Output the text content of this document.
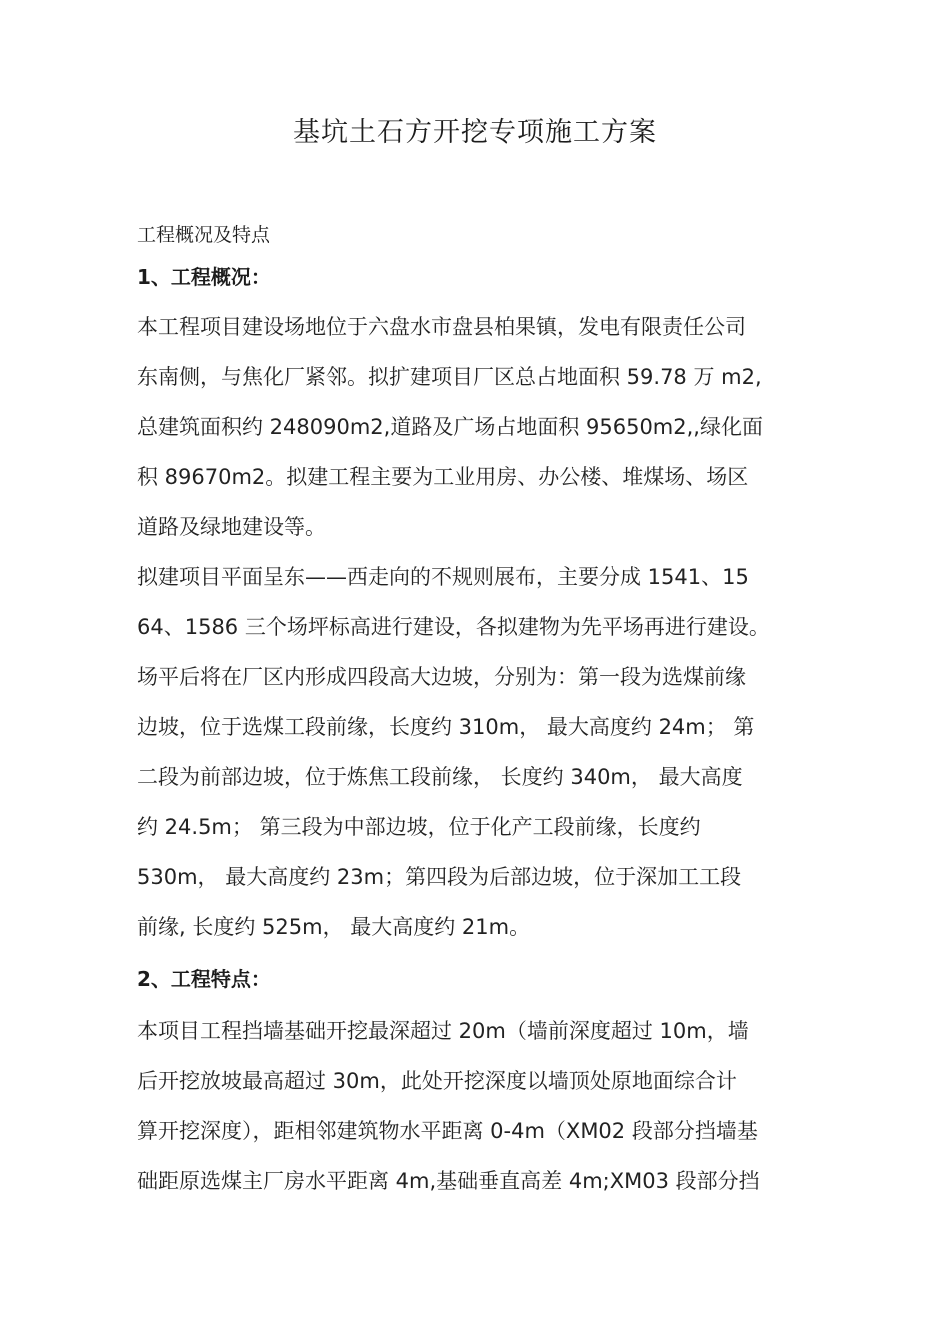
基坑土石方开挖专项施工方案
工程概况及特点
1、工程概况：
本工程项目建设场地位于六盘水市盘县柏果镇，发电有限责任公司
东南侧，与焦化厂紧邻。拟扩建项目厂区总占地面积 59.78 万 m2,
总建筑面积约 248090m2,道路及广场占地面积 95650m2,,绿化面
积 89670m2。拟建工程主要为工业用房、办公楼、堆煤场、场区
道路及绿地建设等。
拟建项目平面呈东——西走向的不规则展布，主要分成 1541、15
64、1586 三个场坪标高进行建设，各拟建物为先平场再进行建设。
场平后将在厂区内形成四段高大边坡，分别为：第一段为选煤前缘
边坡，位于选煤工段前缘，长度约 310m， 最大高度约 24m； 第
二段为前部边坡，位于炼焦工段前缘， 长度约 340m， 最大高度
约 24.5m； 第三段为中部边坡，位于化产工段前缘，长度约
530m， 最大高度约 23m；第四段为后部边坡，位于深加工工段
前缘, 长度约 525m， 最大高度约 21m。
2、工程特点：
本项目工程挡墙基础开挖最深超过 20m（墙前深度超过 10m，墙
后开挖放坡最高超过 30m，此处开挖深度以墙顶处原地面综合计
算开挖深度），距相邻建筑物水平距离 0-4m（XM02 段部分挡墙基
础距原选煤主厂房水平距离 4m,基础垂直高差 4m;XM03 段部分挡
